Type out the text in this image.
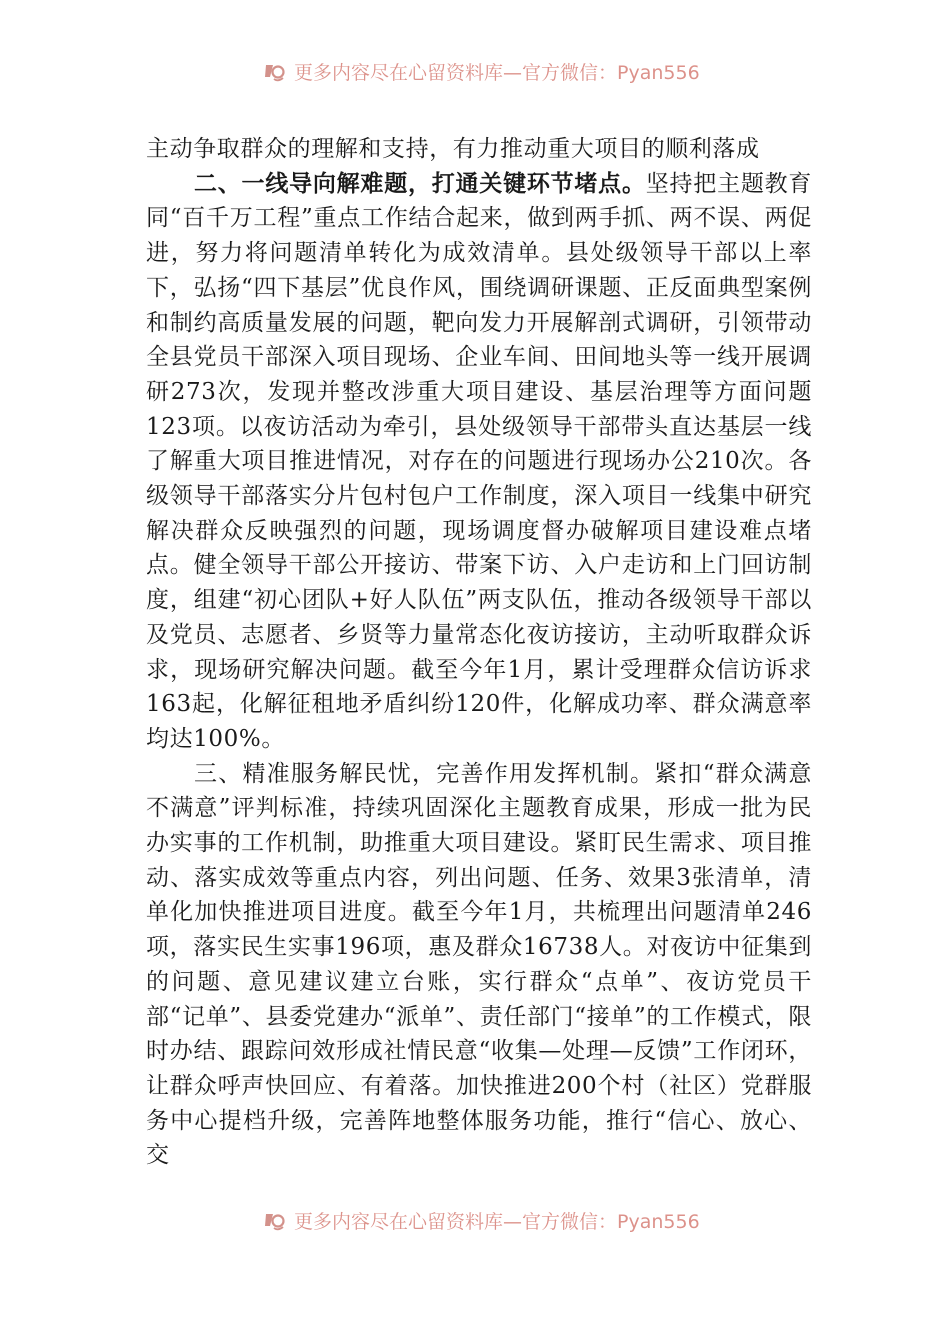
更多内容尽在心留资料库—官方微信：Pyan556

主动争取群众的理解和支持，有力推动重大项目的顺利落成

二、一线导向解难题，打通关键环节堵点。坚持把主题教育同“百千万工程”重点工作结合起来，做到两手抓、两不误、两促进，努力将问题清单转化为成效清单。县处级领导干部以上率下，弘扬“四下基层”优良作风，围绕调研课题、正反面典型案例和制约高质量发展的问题，靶向发力开展解剖式调研，引领带动全县党员干部深入项目现场、企业车间、田间地头等一线开展调研273次，发现并整改涉重大项目建设、基层治理等方面问题123项。以夜访活动为牵引，县处级领导干部带头直达基层一线了解重大项目推进情况，对存在的问题进行现场办公210次。各级领导干部落实分片包村包户工作制度，深入项目一线集中研究解决群众反映强烈的问题，现场调度督办破解项目建设难点堵点。健全领导干部公开接访、带案下访、入户走访和上门回访制度，组建“初心团队+好人队伍”两支队伍，推动各级领导干部以及党员、志愿者、乡贤等力量常态化夜访接访，主动听取群众诉求，现场研究解决问题。截至今年1月，累计受理群众信访诉求163起，化解征租地矛盾纠纷120件，化解成功率、群众满意率均达100%。

三、精准服务解民忧，完善作用发挥机制。紧扣“群众满意不满意”评判标准，持续巩固深化主题教育成果，形成一批为民办实事的工作机制，助推重大项目建设。紧盯民生需求、项目推动、落实成效等重点内容，列出问题、任务、效果3张清单，清单化加快推进项目进度。截至今年1月，共梳理出问题清单246项，落实民生实事196项，惠及群众16738人。对夜访中征集到的问题、意见建议建立台账，实行群众“点单”、夜访党员干部“记单”、县委党建办“派单”、责任部门“接单”的工作模式，限时办结、跟踪问效形成社情民意“收集—处理—反馈”工作闭环，让群众呼声快回应、有着落。加快推进200个村（社区）党群服务中心提档升级，完善阵地整体服务功能，推行“信心、放心、交

更多内容尽在心留资料库—官方微信：Pyan556
